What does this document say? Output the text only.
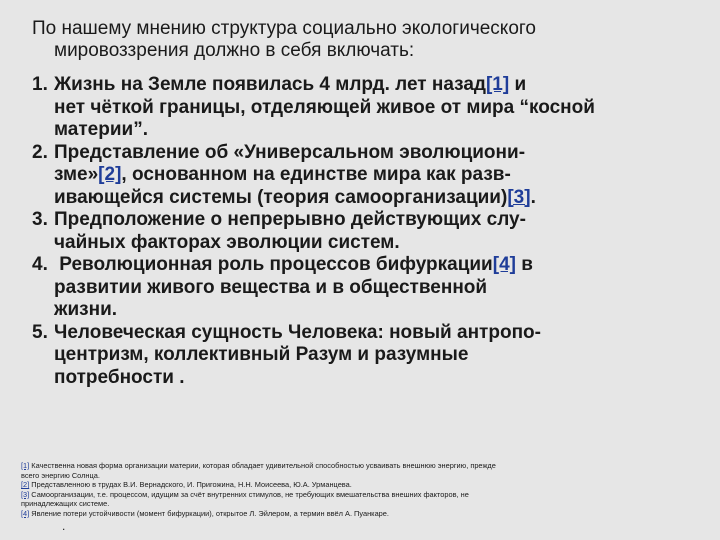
По нашему мнению структура социально экологического
мировоззрения должно в себя включать:
1. Жизнь на Земле появилась 4 млрд. лет назад[1] и
нет чёткой границы, отделяющей живое от мира “косной
материи”.
2. Представление об «Универсальном эволюциони-
зме»[2], основанном на единстве мира как разв-
ивающейся системы (теория самоорганизации)[3].
3. Предположение о непрерывно действующих слу-
чайных факторах эволюции систем.
4. Революционная роль процессов бифуркации[4] в
развитии живого вещества и в общественной
жизни.
5. Человеческая сущность Человека: новый антропо-
центризм, коллективный Разум и разумные
потребности .
[1] Качественна новая форма организации материи, которая обладает удивительной способностью усваивать внешнюю энергию, прежде
всего энергию Солнца.
[2] Представленною в трудах В.И. Вернадского, И. Пригожина, Н.Н. Моисеева, Ю.А. Урманцева.
[3] Самоорганизации, т.е. процессом, идущим за счёт внутренних стимулов, не требующих вмешательства внешних факторов, не
принадлежащих системе.
[4] Явление потери устойчивости (момент бифуркации), открытое Л. Эйлером, а термин ввёл А. Пуанкаре.
.
